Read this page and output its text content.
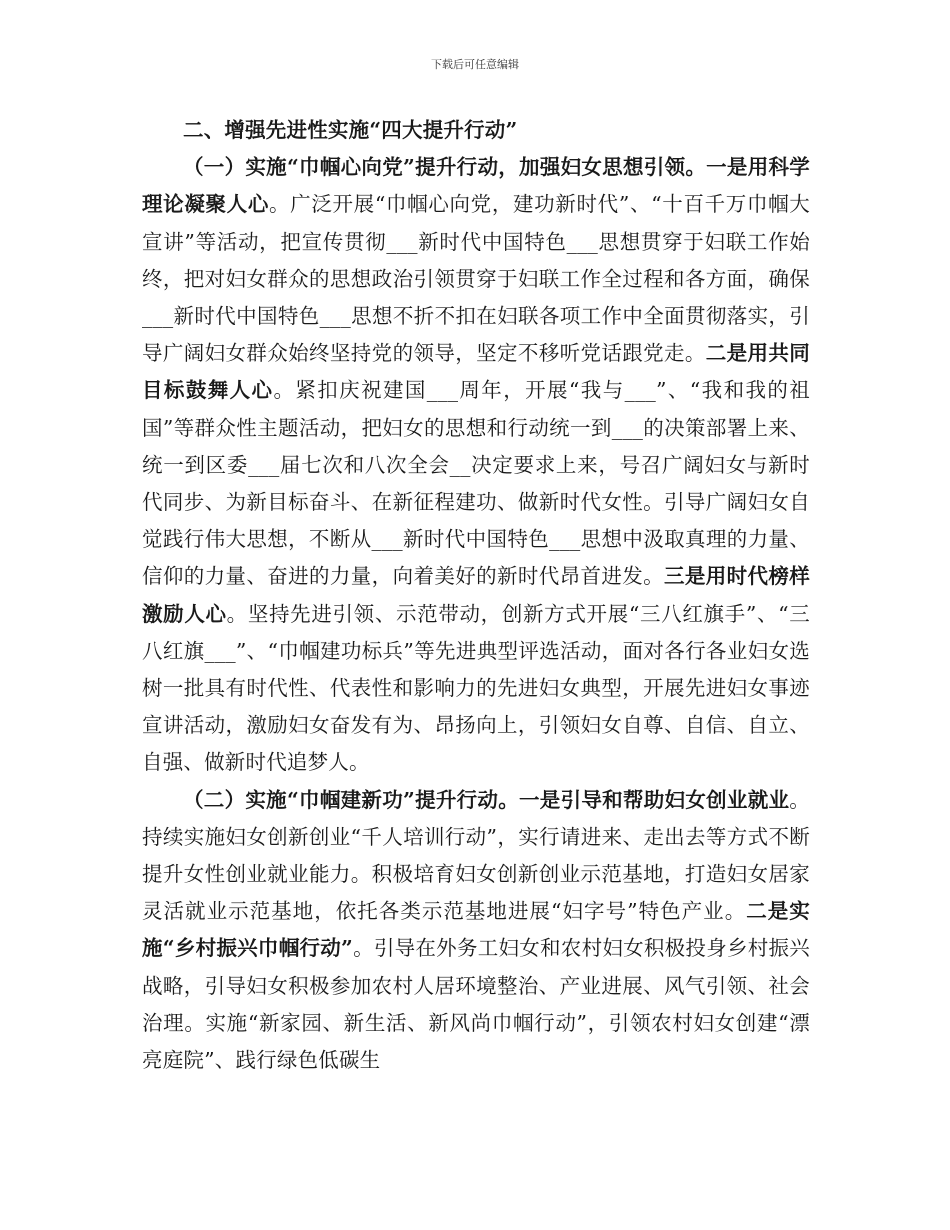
下载后可任意编辑

二、增强先进性实施“四大提升行动”

（一）实施“巾帼心向党”提升行动，加强妇女思想引领。一是用科学理论凝聚人心。广泛开展“巾帼心向党，建功新时代”、“十百千万巾帼大宣讲”等活动，把宣传贯彻___新时代中国特色___思想贯穿于妇联工作始终，把对妇女群众的思想政治引领贯穿于妇联工作全过程和各方面，确保___新时代中国特色___思想不折不扣在妇联各项工作中全面贯彻落实，引导广阔妇女群众始终坚持党的领导，坚定不移听党话跟党走。二是用共同目标鼓舞人心。紧扣庆祝建国___周年，开展“我与___”、“我和我的祖国”等群众性主题活动，把妇女的思想和行动统一到___的决策部署上来、统一到区委___届七次和八次全会__决定要求上来，号召广阔妇女与新时代同步、为新目标奋斗、在新征程建功、做新时代女性。引导广阔妇女自觉践行伟大思想，不断从___新时代中国特色___思想中汲取真理的力量、信仰的力量、奋进的力量，向着美好的新时代昂首进发。三是用时代榜样激励人心。坚持先进引领、示范带动，创新方式开展“三八红旗手”、“三八红旗___”、“巾帼建功标兵”等先进典型评选活动，面对各行各业妇女选树一批具有时代性、代表性和影响力的先进妇女典型，开展先进妇女事迹宣讲活动，激励妇女奋发有为、昂扬向上，引领妇女自尊、自信、自立、自强、做新时代追梦人。

（二）实施“巾帼建新功”提升行动。一是引导和帮助妇女创业就业。持续实施妇女创新创业“千人培训行动”，实行请进来、走出去等方式不断提升女性创业就业能力。积极培育妇女创新创业示范基地，打造妇女居家灵活就业示范基地，依托各类示范基地进展“妇字号”特色产业。二是实施“乡村振兴巾帼行动”。引导在外务工妇女和农村妇女积极投身乡村振兴战略，引导妇女积极参加农村人居环境整治、产业进展、风气引领、社会治理。实施“新家园、新生活、新风尚巾帼行动”，引领农村妇女创建“漂亮庭院”、践行绿色低碳生
